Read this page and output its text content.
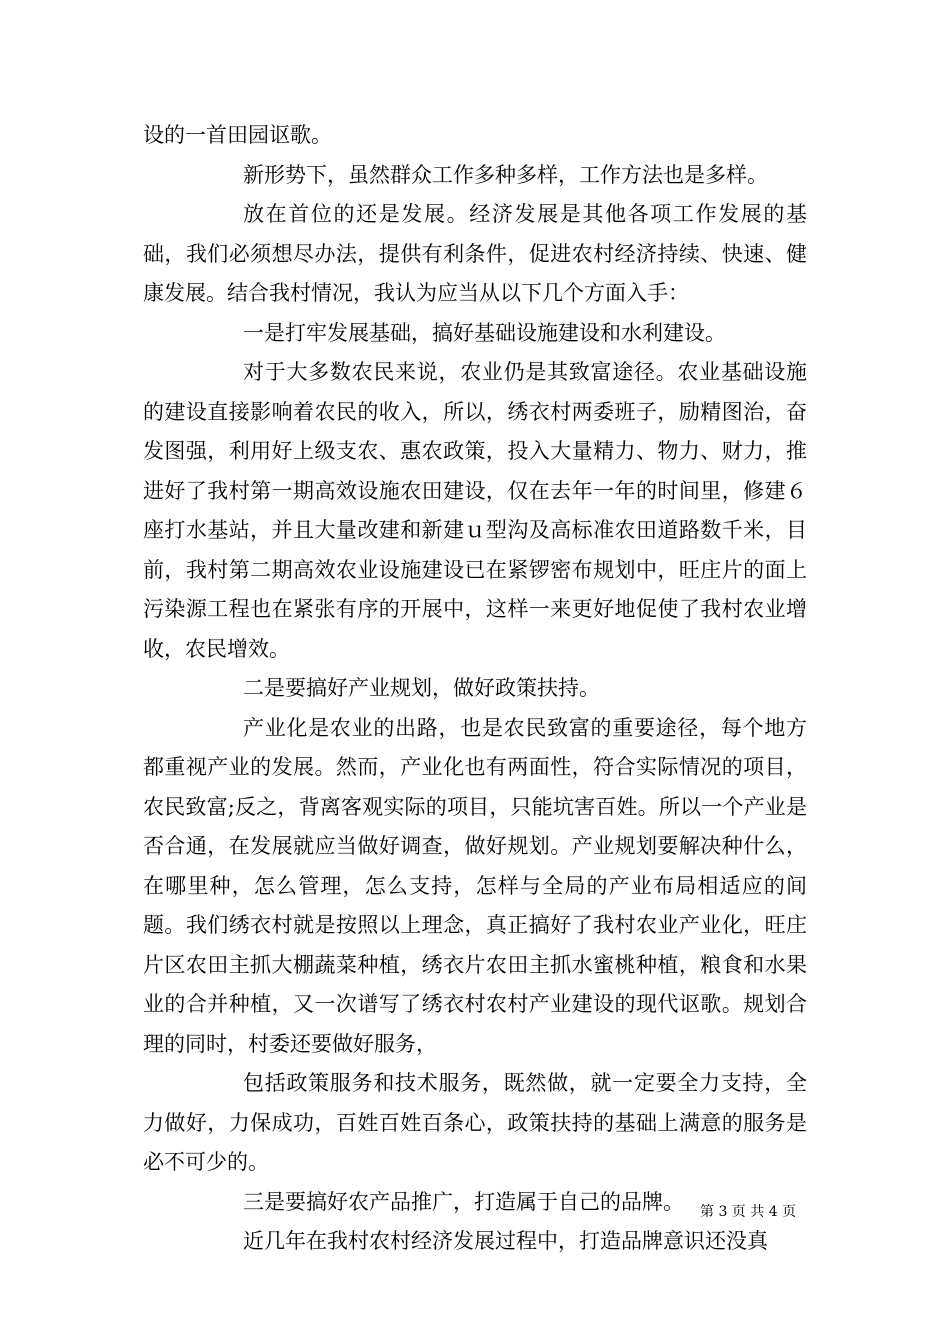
设的一首田园讴歌。

新形势下，虽然群众工作多种多样，工作方法也是多样。

放在首位的还是发展。经济发展是其他各项工作发展的基础，我们必须想尽办法，提供有利条件，促进农村经济持续、快速、健康发展。结合我村情况，我认为应当从以下几个方面入手：

一是打牢发展基础，搞好基础设施建设和水利建设。

对于大多数农民来说，农业仍是其致富途径。农业基础设施的建设直接影响着农民的收入，所以，绣衣村两委班子，励精图治，奋发图强，利用好上级支农、惠农政策，投入大量精力、物力、财力，推进好了我村第一期高效设施农田建设，仅在去年一年的时间里，修建６座打水基站，并且大量改建和新建ｕ型沟及高标准农田道路数千米，目前，我村第二期高效农业设施建设已在紧锣密布规划中，旺庄片的面上污染源工程也在紧张有序的开展中，这样一来更好地促使了我村农业增收，农民增效。

二是要搞好产业规划，做好政策扶持。

产业化是农业的出路，也是农民致富的重要途径，每个地方都重视产业的发展。然而，产业化也有两面性，符合实际情况的项目，农民致富;反之，背离客观实际的项目，只能坑害百姓。所以一个产业是否合通，在发展就应当做好调查，做好规划。产业规划要解决种什么，在哪里种，怎么管理，怎么支持，怎样与全局的产业布局相适应的间题。我们绣衣村就是按照以上理念，真正搞好了我村农业产业化，旺庄片区农田主抓大棚蔬菜种植，绣衣片农田主抓水蜜桃种植，粮食和水果业的合并种植，又一次谱写了绣衣村农村产业建设的现代讴歌。规划合理的同时，村委还要做好服务，

包括政策服务和技术服务，既然做，就一定要全力支持，全力做好，力保成功，百姓百姓百条心，政策扶持的基础上满意的服务是必不可少的。

三是要搞好农产品推广，打造属于自己的品牌。

近几年在我村农村经济发展过程中，打造品牌意识还没真

第 3 页 共 4 页
